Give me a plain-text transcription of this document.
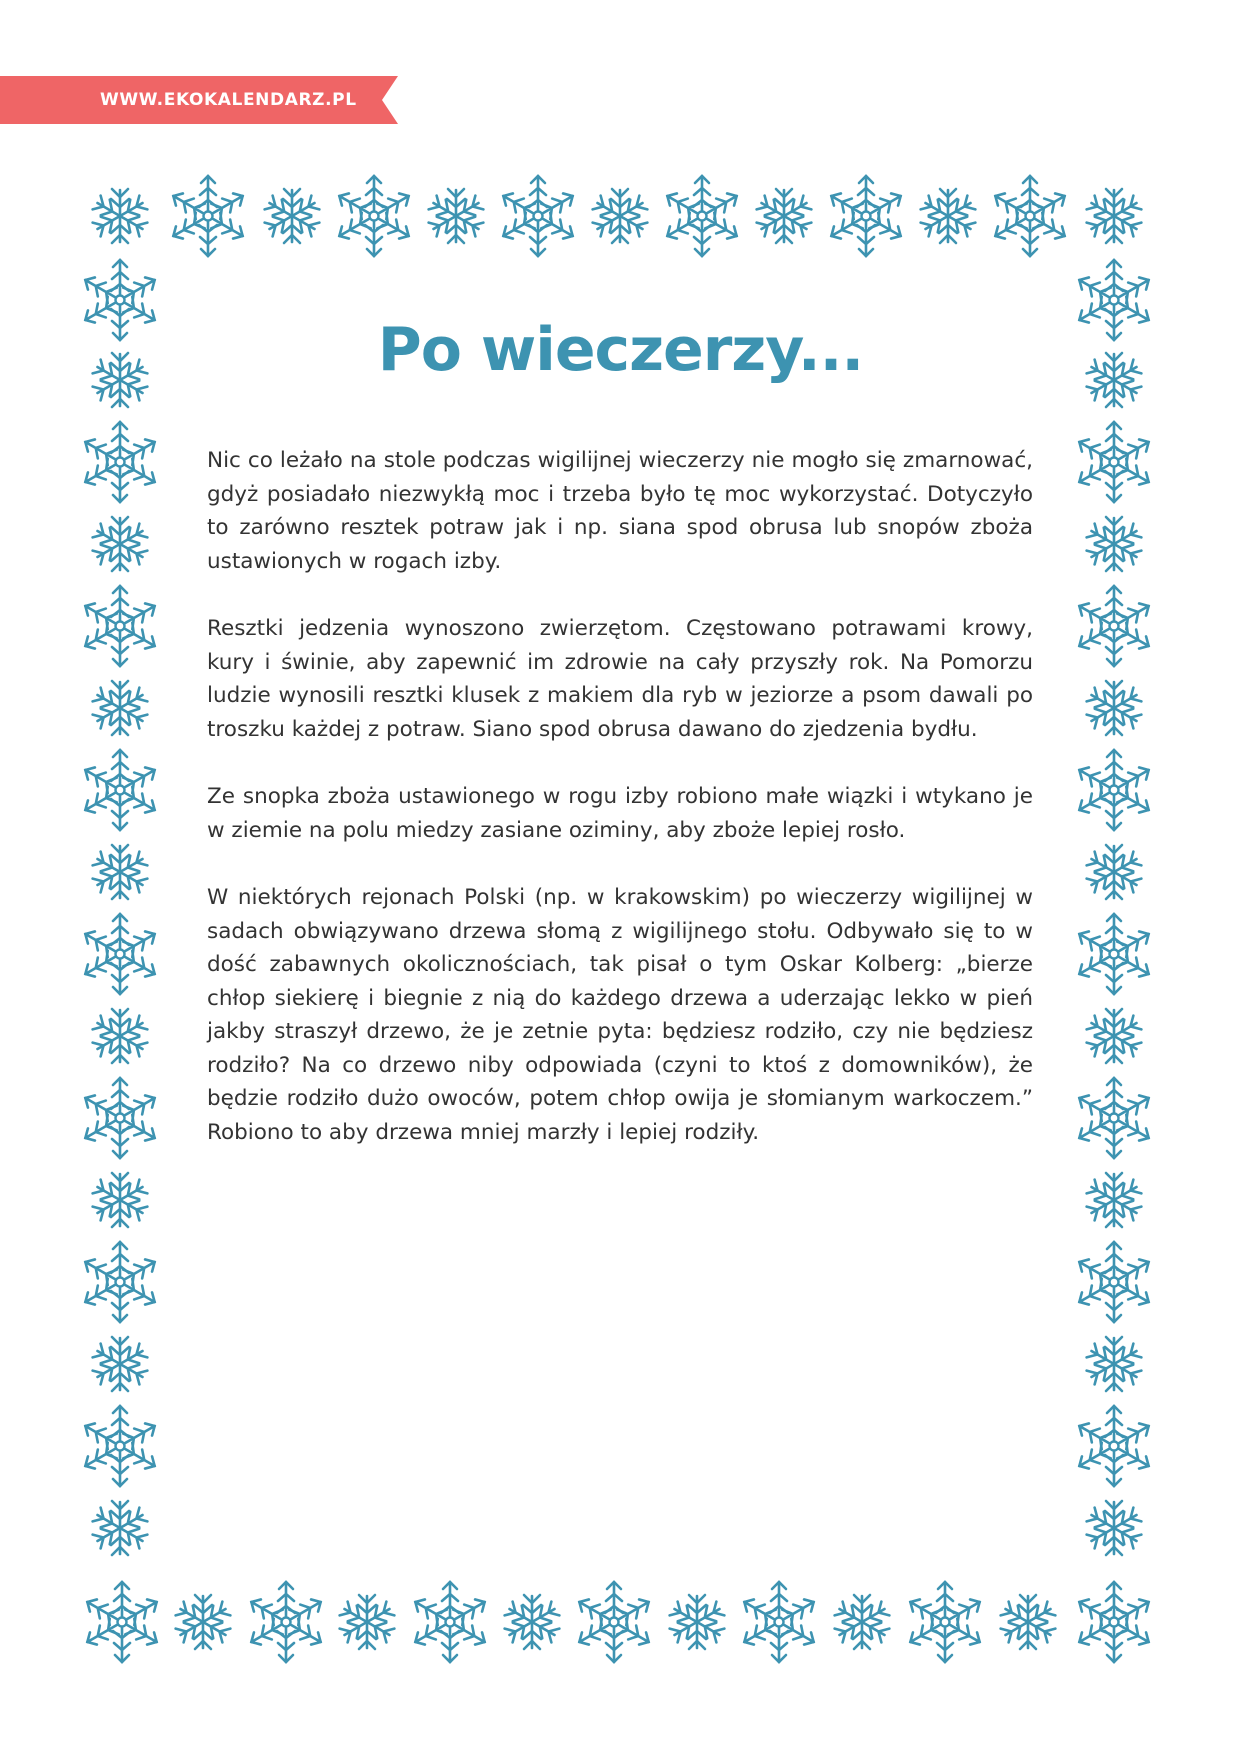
WWW.EKOKALENDARZ.PL
Po wieczerzy...

Nic co leżało na stole podczas wigilijnej wieczerzy nie mogło się zmarnować, gdyż posiadało niezwykłą moc i trzeba było tę moc wykorzystać. Dotyczyło to zarówno resztek potraw jak i np. siana spod obrusa lub snopów zboża ustawionych w rogach izby.

Resztki jedzenia wynoszono zwierzętom. Częstowano potrawami krowy, kury i świnie, aby zapewnić im zdrowie na cały przyszły rok. Na Pomorzu ludzie wynosili resztki klusek z makiem dla ryb w jeziorze a psom dawali po troszku każdej z potraw. Siano spod obrusa dawano do zjedzenia bydłu.

Ze snopka zboża ustawionego w rogu izby robiono małe wiązki i wtykano je w ziemie na polu miedzy zasiane oziminy, aby zboże lepiej rosło.

W niektórych rejonach Polski (np. w krakowskim) po wieczerzy wigilijnej w sadach obwiązywano drzewa słomą z wigilijnego stołu. Odbywało się to w dość zabawnych okolicznościach, tak pisał o tym Oskar Kolberg: „bierze chłop siekierę i biegnie z nią do każdego drzewa a uderzając lekko w pień jakby straszył drzewo, że je zetnie pyta: będziesz rodziło, czy nie będziesz rodziło? Na co drzewo niby odpowiada (czyni to ktoś z domowników), że będzie rodziło dużo owoców, potem chłop owija je słomianym warkoczem.” Robiono to aby drzewa mniej marzły i lepiej rodziły.
